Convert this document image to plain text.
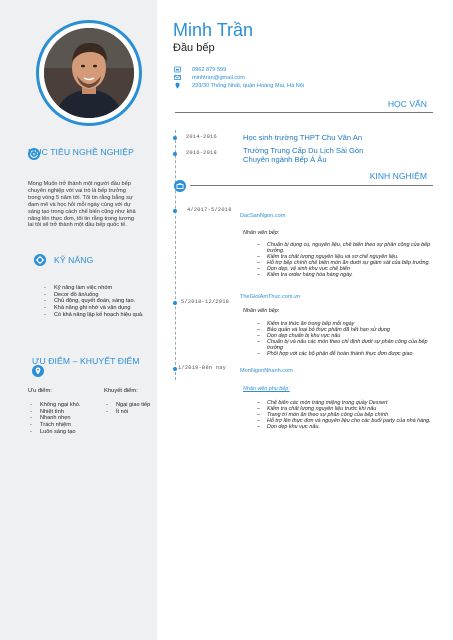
MỤC TIÊU NGHỀ NGHIỆP
Mong Muốn trở thành một người đầu bếp chuyên nghiệp với vai trò là bếp trưởng trong vòng 5 năm tới. Tôi tin rằng bằng sự đam mê và học hỏi mỗi ngày cùng với dự sáng tạo trong cách chế biến cũng như khả năng lên thực đơn, tôi tin rằng trong tương lai tôi sẽ trở thành một đầu bếp quốc tế.
KỸ NĂNG
- Kỹ năng làm việc nhóm
- Decor đồ ăn/uống
- Chủ động, quyết đoán, sáng tạo.
- Khả năng ghi nhớ và vận dụng
- Có khả năng lập kế hoạch hiệu quả.
ƯU ĐIỂM – KHUYẾT ĐIỂM
Ưu điểm:
- Không ngại khó.
- Nhiệt tình
- Nhanh nhẹn
- Trách nhiệm
- Luôn sáng tạo
Khuyết điểm:
- Ngại giao tiếp
- Ít nói
Minh Trần
Đầu bếp
0962 879 599
minhtran@gmail.com
293/30 Thống Nhất, quận Hoàng Mai, Hà Nội
HỌC VẤN
2014-2016	Học sinh trường THPT Chu Văn An
2016-2018	Trường Trung Cấp Du Lịch Sài Gòn
Chuyên ngành Bếp Á Âu
KINH NGHIỆM
4/2017-5/2018
DacSanNgon.com
Nhân viên bếp:
– Chuẩn bị dụng cụ, nguyên liệu, chế biến theo sự phân công của bếp trưởng.
– Kiểm tra chất lượng nguyên liệu và sơ chế nguyên liệu.
– Hỗ trợ bếp chính chế biến món ăn dưới sự giám sát của bếp trưởng.
– Dọn dẹp, vệ sinh khu vực chế biến
– Kiểm tra order hàng hóa hàng ngày.
5/2018-12/2018
TheGioiAmThuc.com.vn
Nhân viên bếp:
– Kiểm tra thức ăn trong bếp mỗi ngày
– Bảo quản và loại bỏ thực phẩm đã hết hạn sử dụng
– Dọn dẹp chuẩn bị khu vực nấu
– Chuẩn bị và nấu các món theo chỉ định dưới sự phân công của bếp trưởng
– Phối hợp với các bộ phận để hoàn thành thực đơn được giao
1/2019-Đến nay MonNgonNhanh.com
Nhân viên phụ bếp:
– Chế biến các món tráng miệng trong quầy Dessert
– Kiểm tra chất lượng nguyên liệu trước khi nấu
– Trang trí món ăn theo sự phân công của bếp chính
– Hỗ trợ lên thực đơn và nguyên liệu cho các buổi party của nhà hàng.
– Dọn dẹp khu vực nấu.
